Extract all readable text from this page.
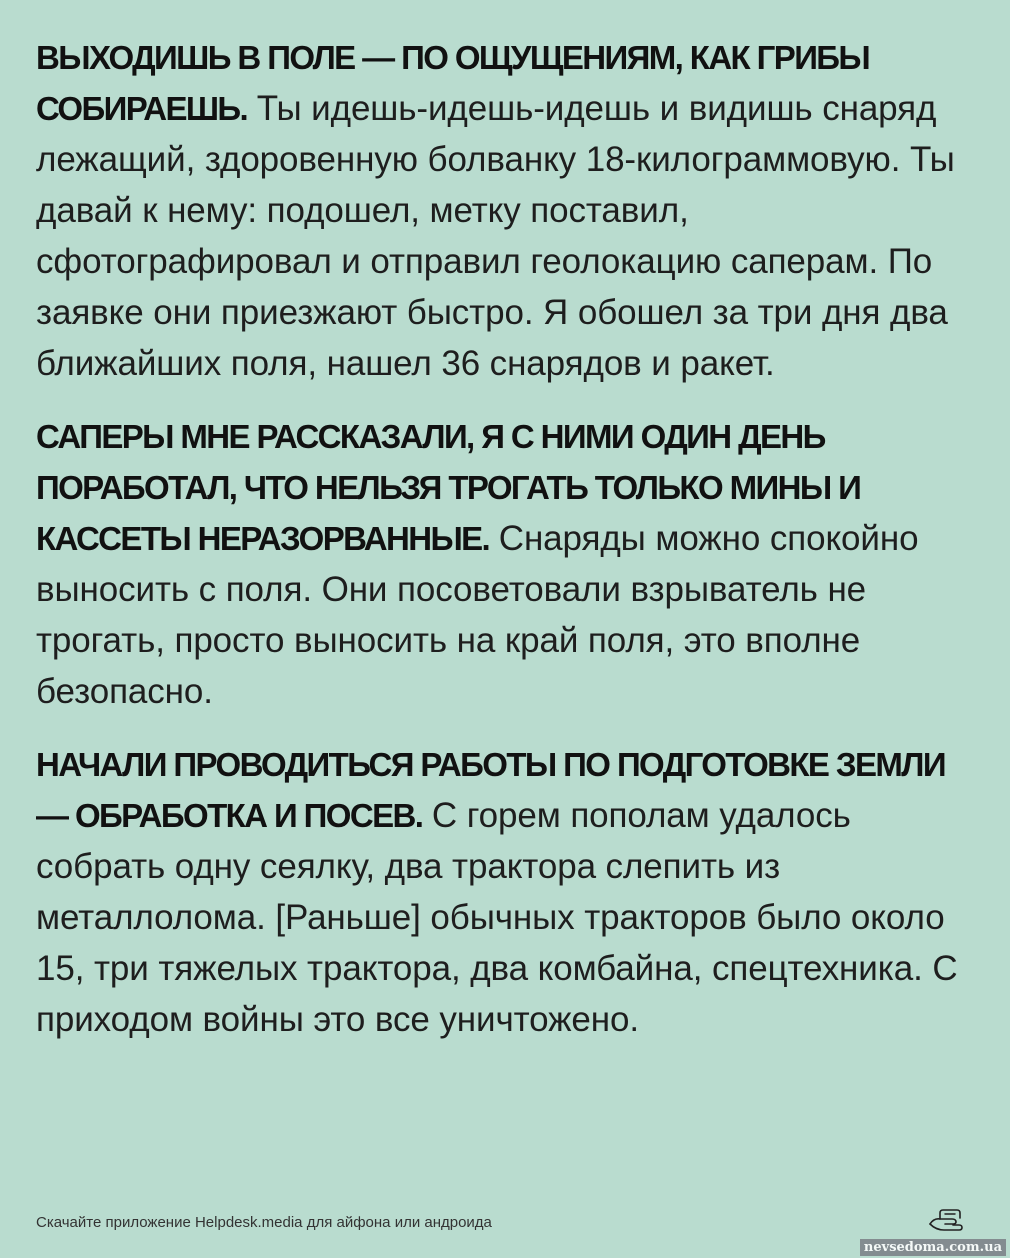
ВЫХОДИШЬ В ПОЛЕ — ПО ОЩУЩЕНИЯМ, КАК ГРИБЫ СОБИРАЕШЬ. Ты идешь-идешь-идешь и видишь снаряд лежащий, здоровенную болванку 18-килограммовую. Ты давай к нему: подошел, метку поставил, сфотографировал и отправил геолокацию саперам. По заявке они приезжают быстро. Я обошел за три дня два ближайших поля, нашел 36 снарядов и ракет.

САПЕРЫ МНЕ РАССКАЗАЛИ, Я С НИМИ ОДИН ДЕНЬ ПОРАБОТАЛ, ЧТО НЕЛЬЗЯ ТРОГАТЬ ТОЛЬКО МИНЫ И КАССЕТЫ НЕРАЗОРВАННЫЕ. Снаряды можно спокойно выносить с поля. Они посоветовали взрыватель не трогать, просто выносить на край поля, это вполне безопасно.

НАЧАЛИ ПРОВОДИТЬСЯ РАБОТЫ ПО ПОДГОТОВКЕ ЗЕМЛИ — ОБРАБОТКА И ПОСЕВ. С горем пополам удалось собрать одну сеялку, два трактора слепить из металлолома. [Раньше] обычных тракторов было около 15, три тяжелых трактора, два комбайна, спецтехника. С приходом войны это все уничтожено.

Скачайте приложение Helpdesk.media для айфона или андроида
nevsedoma.com.ua
